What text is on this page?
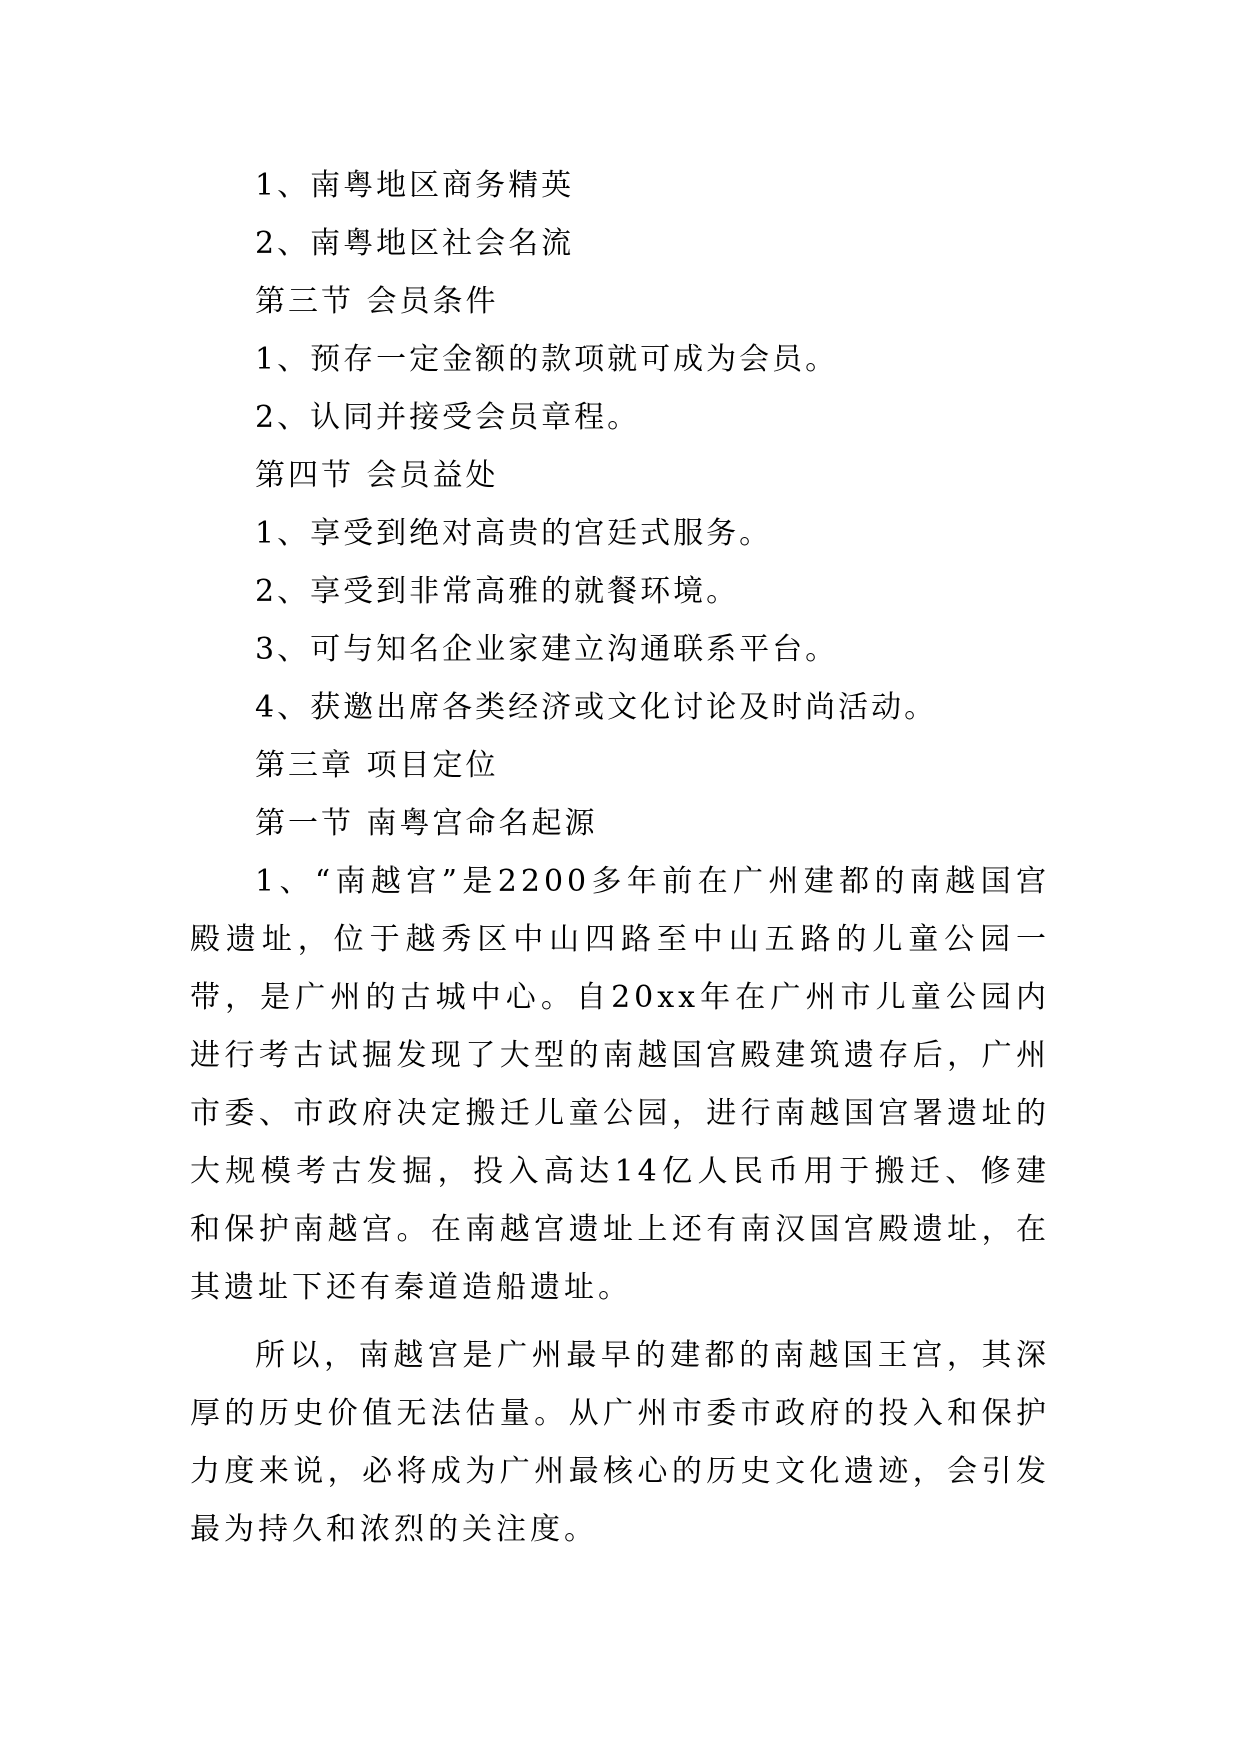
1、南粤地区商务精英

2、南粤地区社会名流

第三节 会员条件

1、预存一定金额的款项就可成为会员。

2、认同并接受会员章程。

第四节 会员益处

1、享受到绝对高贵的宫廷式服务。

2、享受到非常高雅的就餐环境。

3、可与知名企业家建立沟通联系平台。

4、获邀出席各类经济或文化讨论及时尚活动。

第三章 项目定位

第一节 南粤宫命名起源

1、“南越宫”是2200多年前在广州建都的南越国宫殿遗址，位于越秀区中山四路至中山五路的儿童公园一带，是广州的古城中心。自20xx年在广州市儿童公园内进行考古试掘发现了大型的南越国宫殿建筑遗存后，广州市委、市政府决定搬迁儿童公园，进行南越国宫署遗址的大规模考古发掘，投入高达14亿人民币用于搬迁、修建和保护南越宫。在南越宫遗址上还有南汉国宫殿遗址，在其遗址下还有秦道造船遗址。

所以，南越宫是广州最早的建都的南越国王宫，其深厚的历史价值无法估量。从广州市委市政府的投入和保护力度来说，必将成为广州最核心的历史文化遗迹，会引发最为持久和浓烈的关注度。
